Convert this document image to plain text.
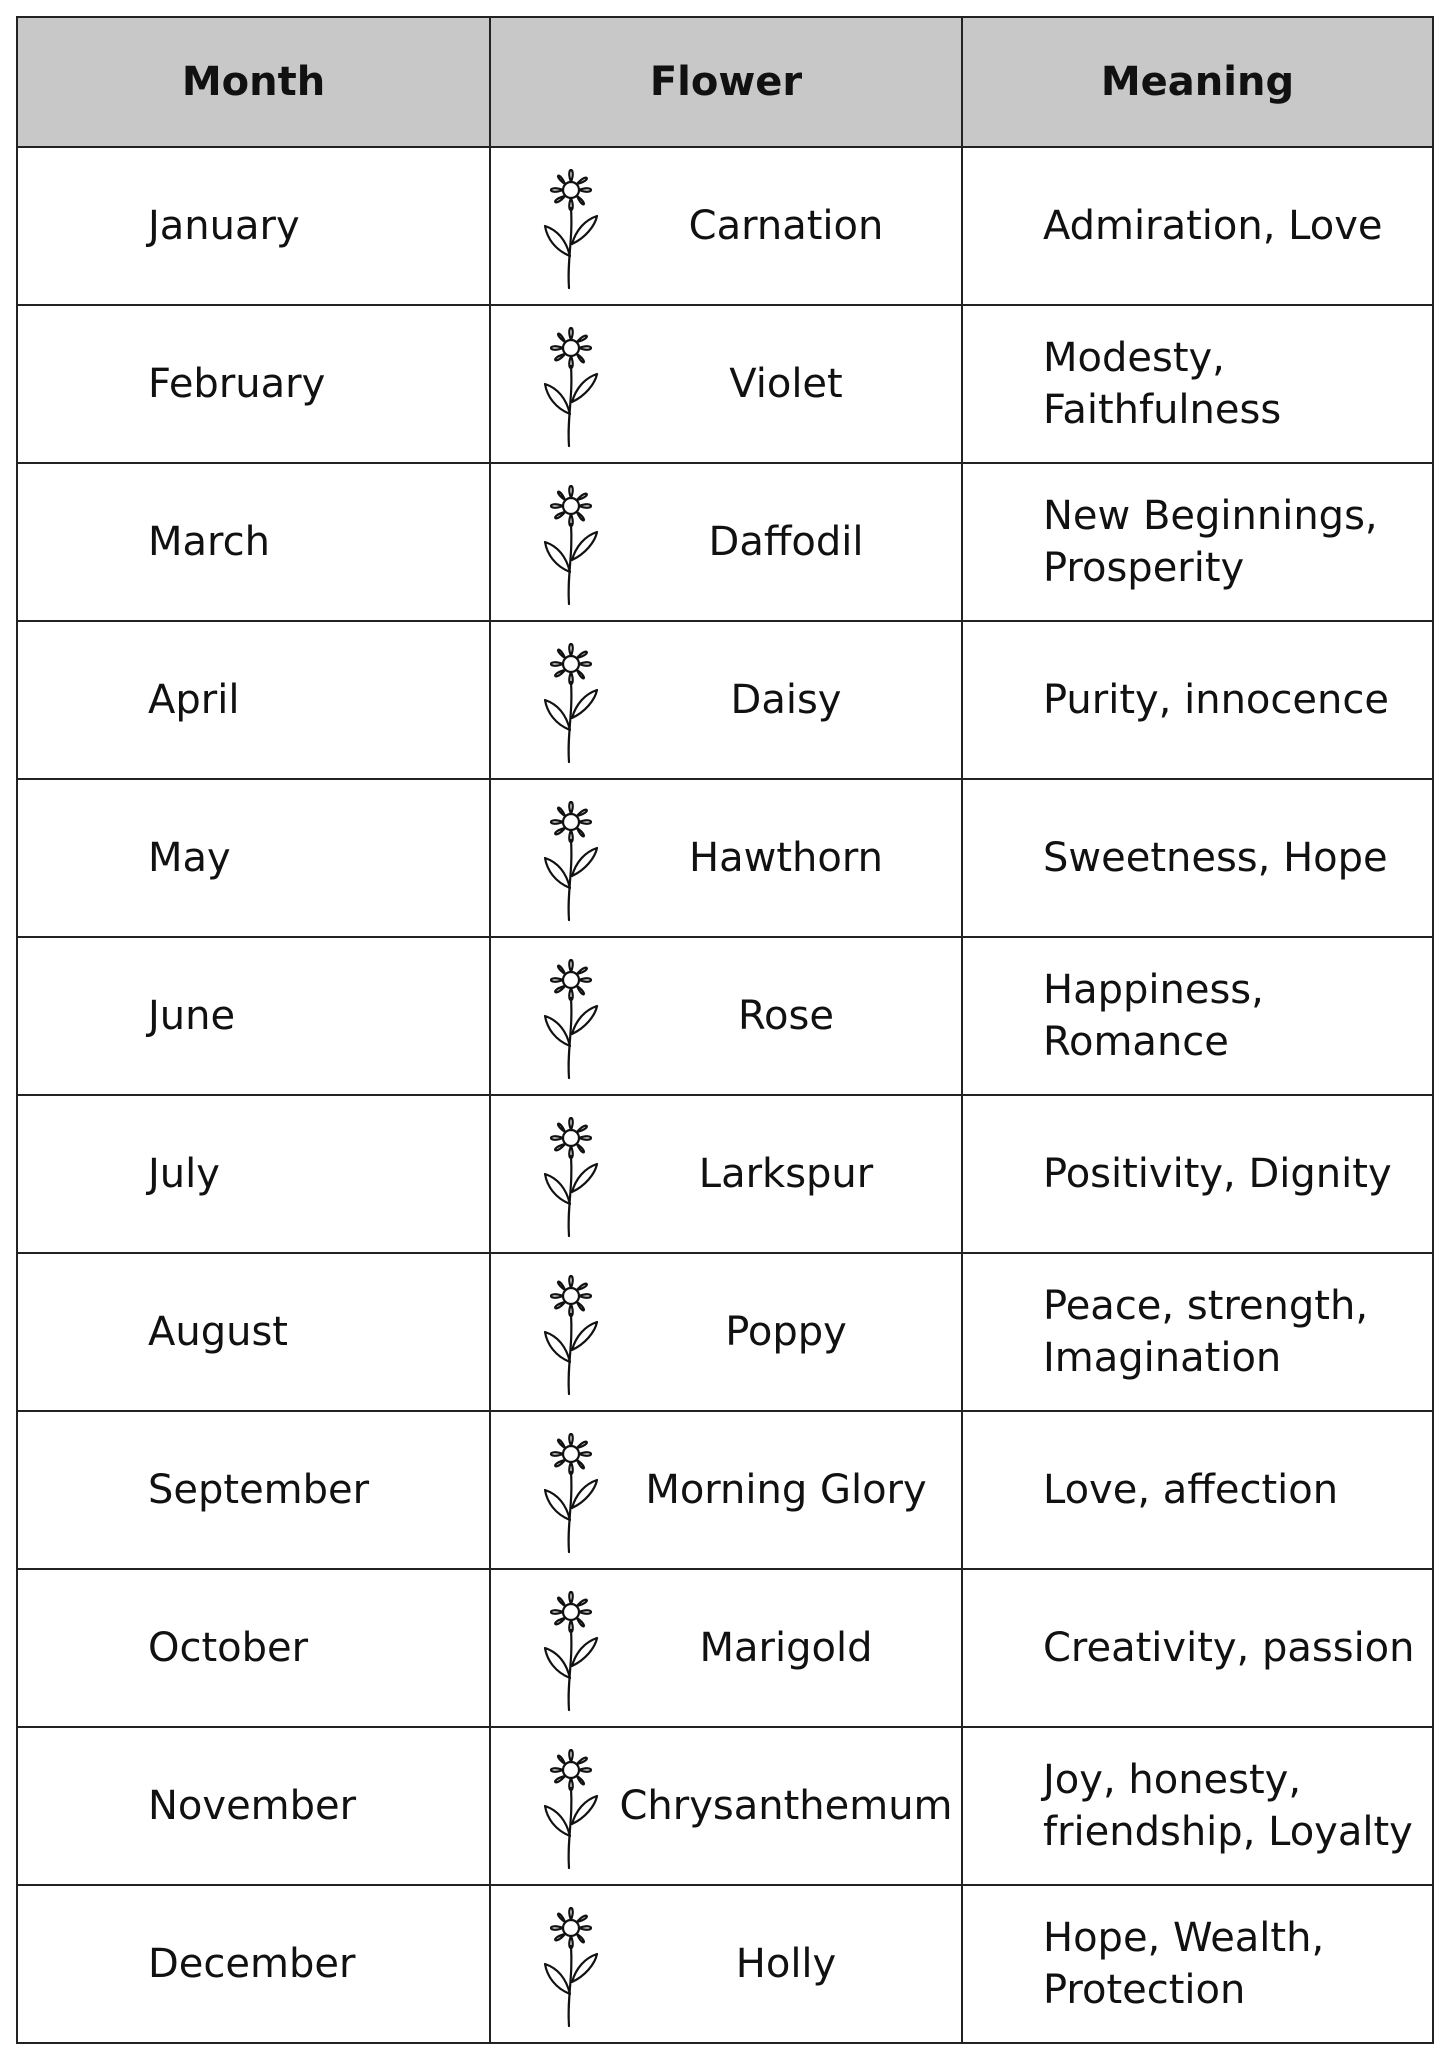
Month	Flower	Meaning
January	Carnation	Admiration, Love
February	Violet	Modesty, Faithfulness
March	Daffodil	New Beginnings, Prosperity
April	Daisy	Purity, innocence
May	Hawthorn	Sweetness, Hope
June	Rose	Happiness, Romance
July	Larkspur	Positivity, Dignity
August	Poppy	Peace, strength, Imagination
September	Morning Glory	Love, affection
October	Marigold	Creativity, passion
November	Chrysanthemum	Joy, honesty, friendship, Loyalty
December	Holly	Hope, Wealth, Protection
